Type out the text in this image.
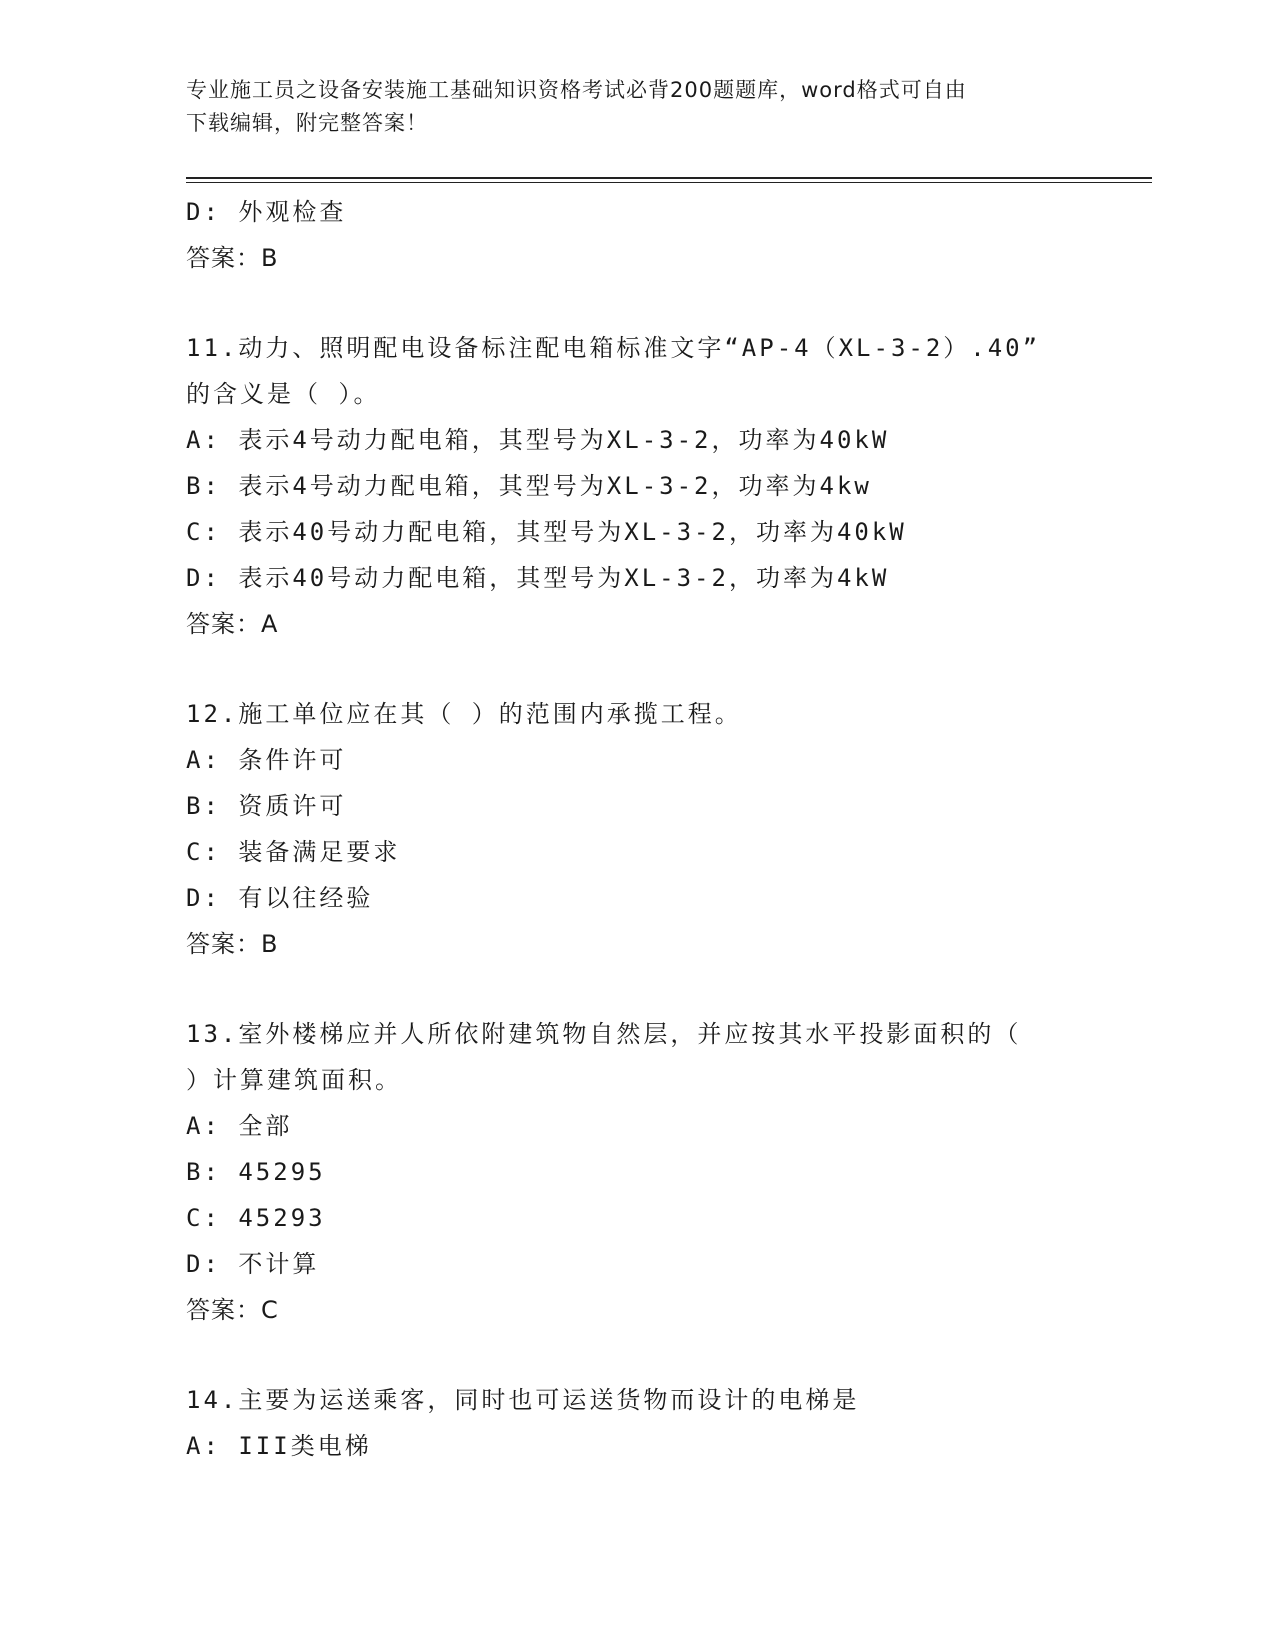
专业施工员之设备安装施工基础知识资格考试必背200题题库，word格式可自由
下载编辑，附完整答案！
D: 外观检查
答案：B
11.动力、照明配电设备标注配电箱标准文字“AP-4（XL-3-2）.40”
的含义是（ ）。
A: 表示4号动力配电箱，其型号为XL-3-2，功率为40kW
B: 表示4号动力配电箱，其型号为XL-3-2，功率为4kw
C: 表示40号动力配电箱，其型号为XL-3-2，功率为40kW
D: 表示40号动力配电箱，其型号为XL-3-2，功率为4kW
答案：A
12.施工单位应在其（ ）的范围内承揽工程。
A: 条件许可
B: 资质许可
C: 装备满足要求
D: 有以往经验
答案：B
13.室外楼梯应并人所依附建筑物自然层，并应按其水平投影面积的（
）计算建筑面积。
A: 全部
B: 45295
C: 45293
D: 不计算
答案：C
14.主要为运送乘客，同时也可运送货物而设计的电梯是
A: III类电梯
